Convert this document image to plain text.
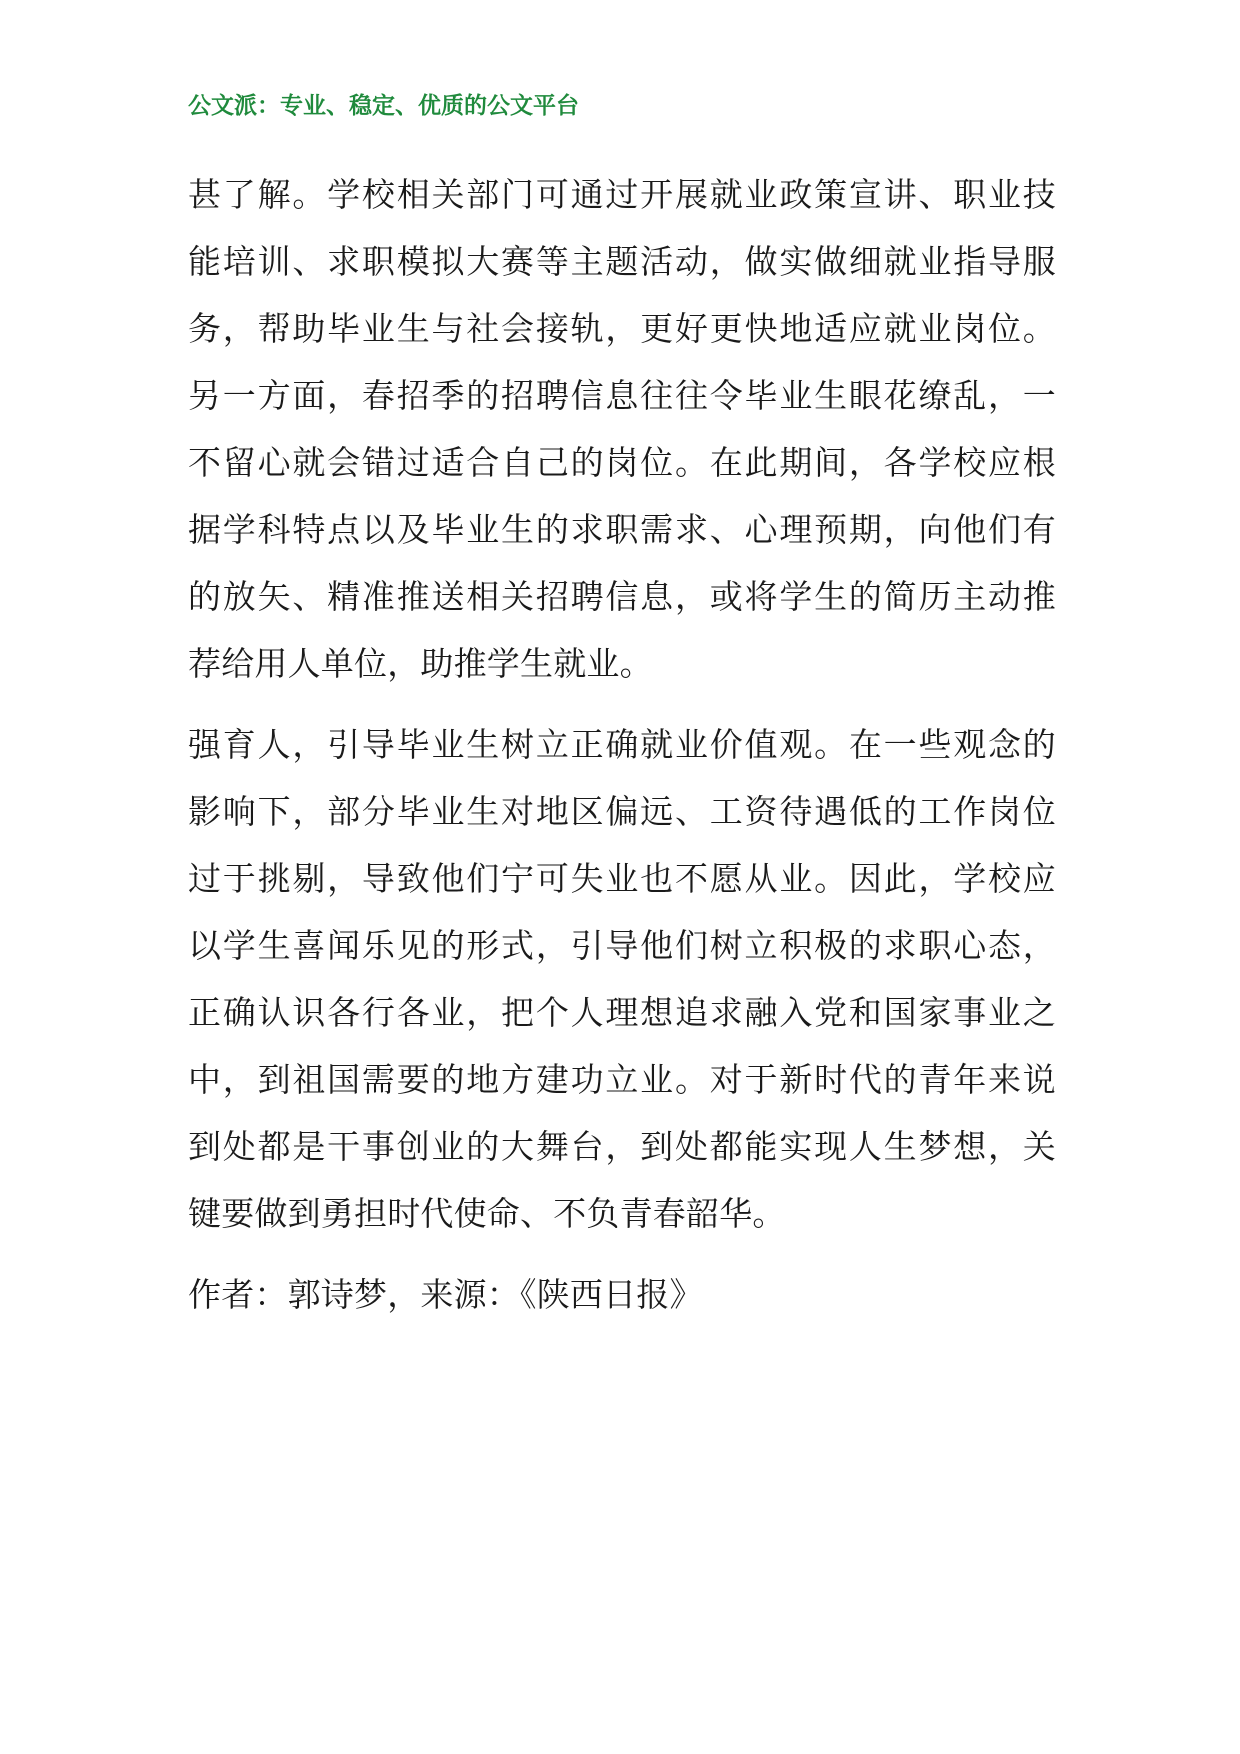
公文派：专业、稳定、优质的公文平台
甚了解。学校相关部门可通过开展就业政策宣讲、职业技
能培训、求职模拟大赛等主题活动，做实做细就业指导服
务，帮助毕业生与社会接轨，更好更快地适应就业岗位。
另一方面，春招季的招聘信息往往令毕业生眼花缭乱，一
不留心就会错过适合自己的岗位。在此期间，各学校应根
据学科特点以及毕业生的求职需求、心理预期，向他们有
的放矢、精准推送相关招聘信息，或将学生的简历主动推
荐给用人单位，助推学生就业。
强育人，引导毕业生树立正确就业价值观。在一些观念的
影响下，部分毕业生对地区偏远、工资待遇低的工作岗位
过于挑剔，导致他们宁可失业也不愿从业。因此，学校应
以学生喜闻乐见的形式，引导他们树立积极的求职心态，
正确认识各行各业，把个人理想追求融入党和国家事业之
中，到祖国需要的地方建功立业。对于新时代的青年来说
到处都是干事创业的大舞台，到处都能实现人生梦想，关
键要做到勇担时代使命、不负青春韶华。
作者：郭诗梦，来源：《陕西日报》
